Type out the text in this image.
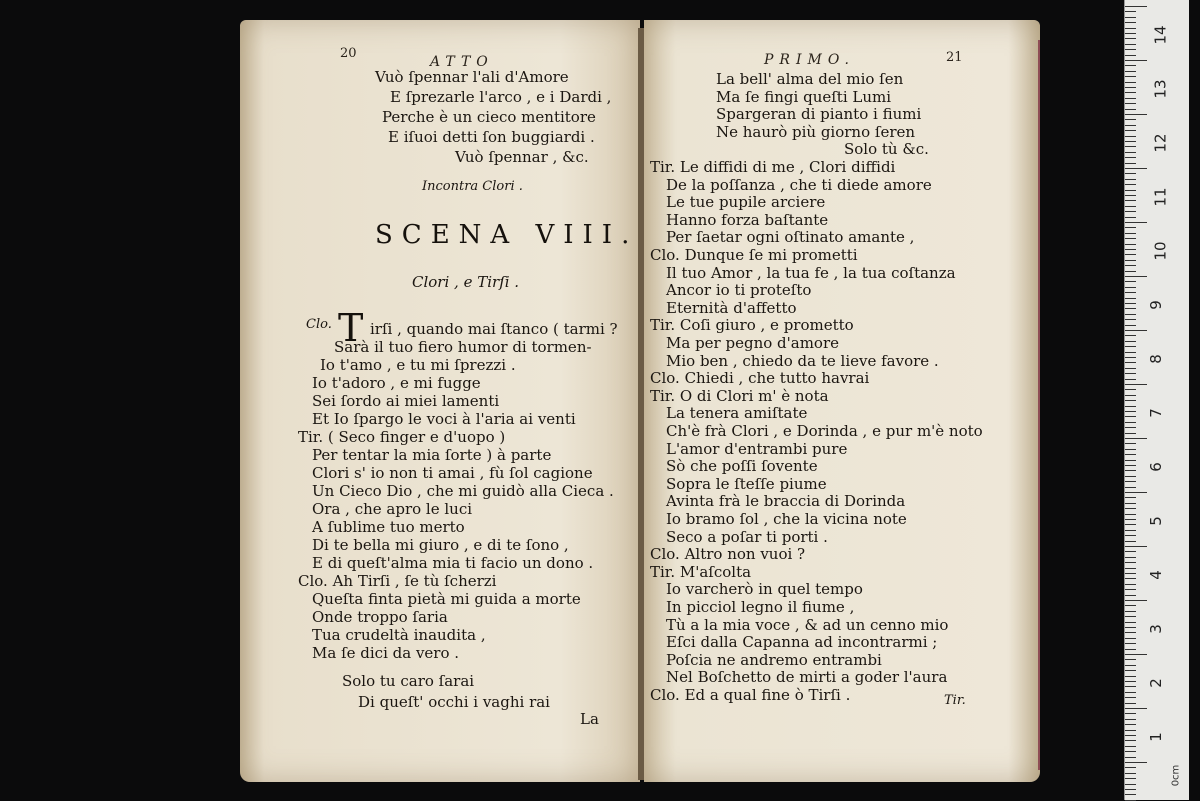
20
ATTO
Vuò ſpennar l'ali d'Amore
E ſprezarle l'arco , e i Dardi ,
Perche è un cieco mentitore
E iſuoi detti ſon buggiardi .
Vuò ſpennar , &c.
Incontra Clori .
SCENA VIII.
Clori , e Tirſi .
Clo. T irſi , quando mai ſtanco ( tarmi ?
Sarà il tuo fiero humor di tormen-
Io t'amo , e tu mi ſprezzi .
Io t'adoro , e mi fugge
Sei ſordo ai miei lamenti
Et Io ſpargo le voci à l'aria ai venti
Tir. ( Seco finger e d'uopo )
Per tentar la mia ſorte ) à parte
Clori s' io non ti amai , fù ſol cagione
Un Cieco Dio , che mi guidò alla Cieca .
Ora , che apro le luci
A ſublime tuo merto
Di te bella mi giuro , e di te ſono ,
E di queſt'alma mia ti facio un dono .
Clo. Ah Tirſi , ſe tù ſcherzi
Queſta finta pietà mi guida a morte
Onde troppo ſaria
Tua crudeltà inaudita ,
Ma ſe dici da vero .
Solo tu caro ſarai
Di queſt' occhi i vaghi rai
La
PRIMO.	21
La bell' alma del mio ſen
Ma ſe fingi queſti Lumi
Spargeran di pianto i fiumi
Ne haurò più giorno ſeren
Solo tù &c.
Tir. Le diffidi di me , Clori diffidi
De la poſſanza , che ti diede amore
Le tue pupile arciere
Hanno forza baſtante
Per ſaetar ogni oſtinato amante ,
Clo. Dunque ſe mi prometti
Il tuo Amor , la tua fe , la tua coſtanza
Ancor io ti proteſto
Eternità d'affetto
Tir. Coſi giuro , e prometto
Ma per pegno d'amore
Mio ben , chiedo da te lieve favore .
Clo. Chiedi , che tutto havrai
Tir. O di Clori m' è nota
La tenera amiſtate
Ch'è frà Clori , e Dorinda , e pur m'è noto
L'amor d'entrambi pure
Sò che poſſi ſovente
Sopra le ſteſſe piume
Avinta frà le braccia di Dorinda
Io bramo ſol , che la vicina note
Seco a poſar ti porti .
Clo. Altro non vuoi ?
Tir. M'aſcolta
Io varcherò in quel tempo
In picciol legno il fiume ,
Tù a la mia voce , & ad un cenno mio
Eſci dalla Capanna ad incontrarmi ;
Poſcia ne andremo entrambi
Nel Boſchetto de mirti a goder l'aura
Clo. Ed a qual fine ò Tirſi .	Tir.
0cm
14
13
12
11
10
9
8
7
6
5
4
3
2
1
